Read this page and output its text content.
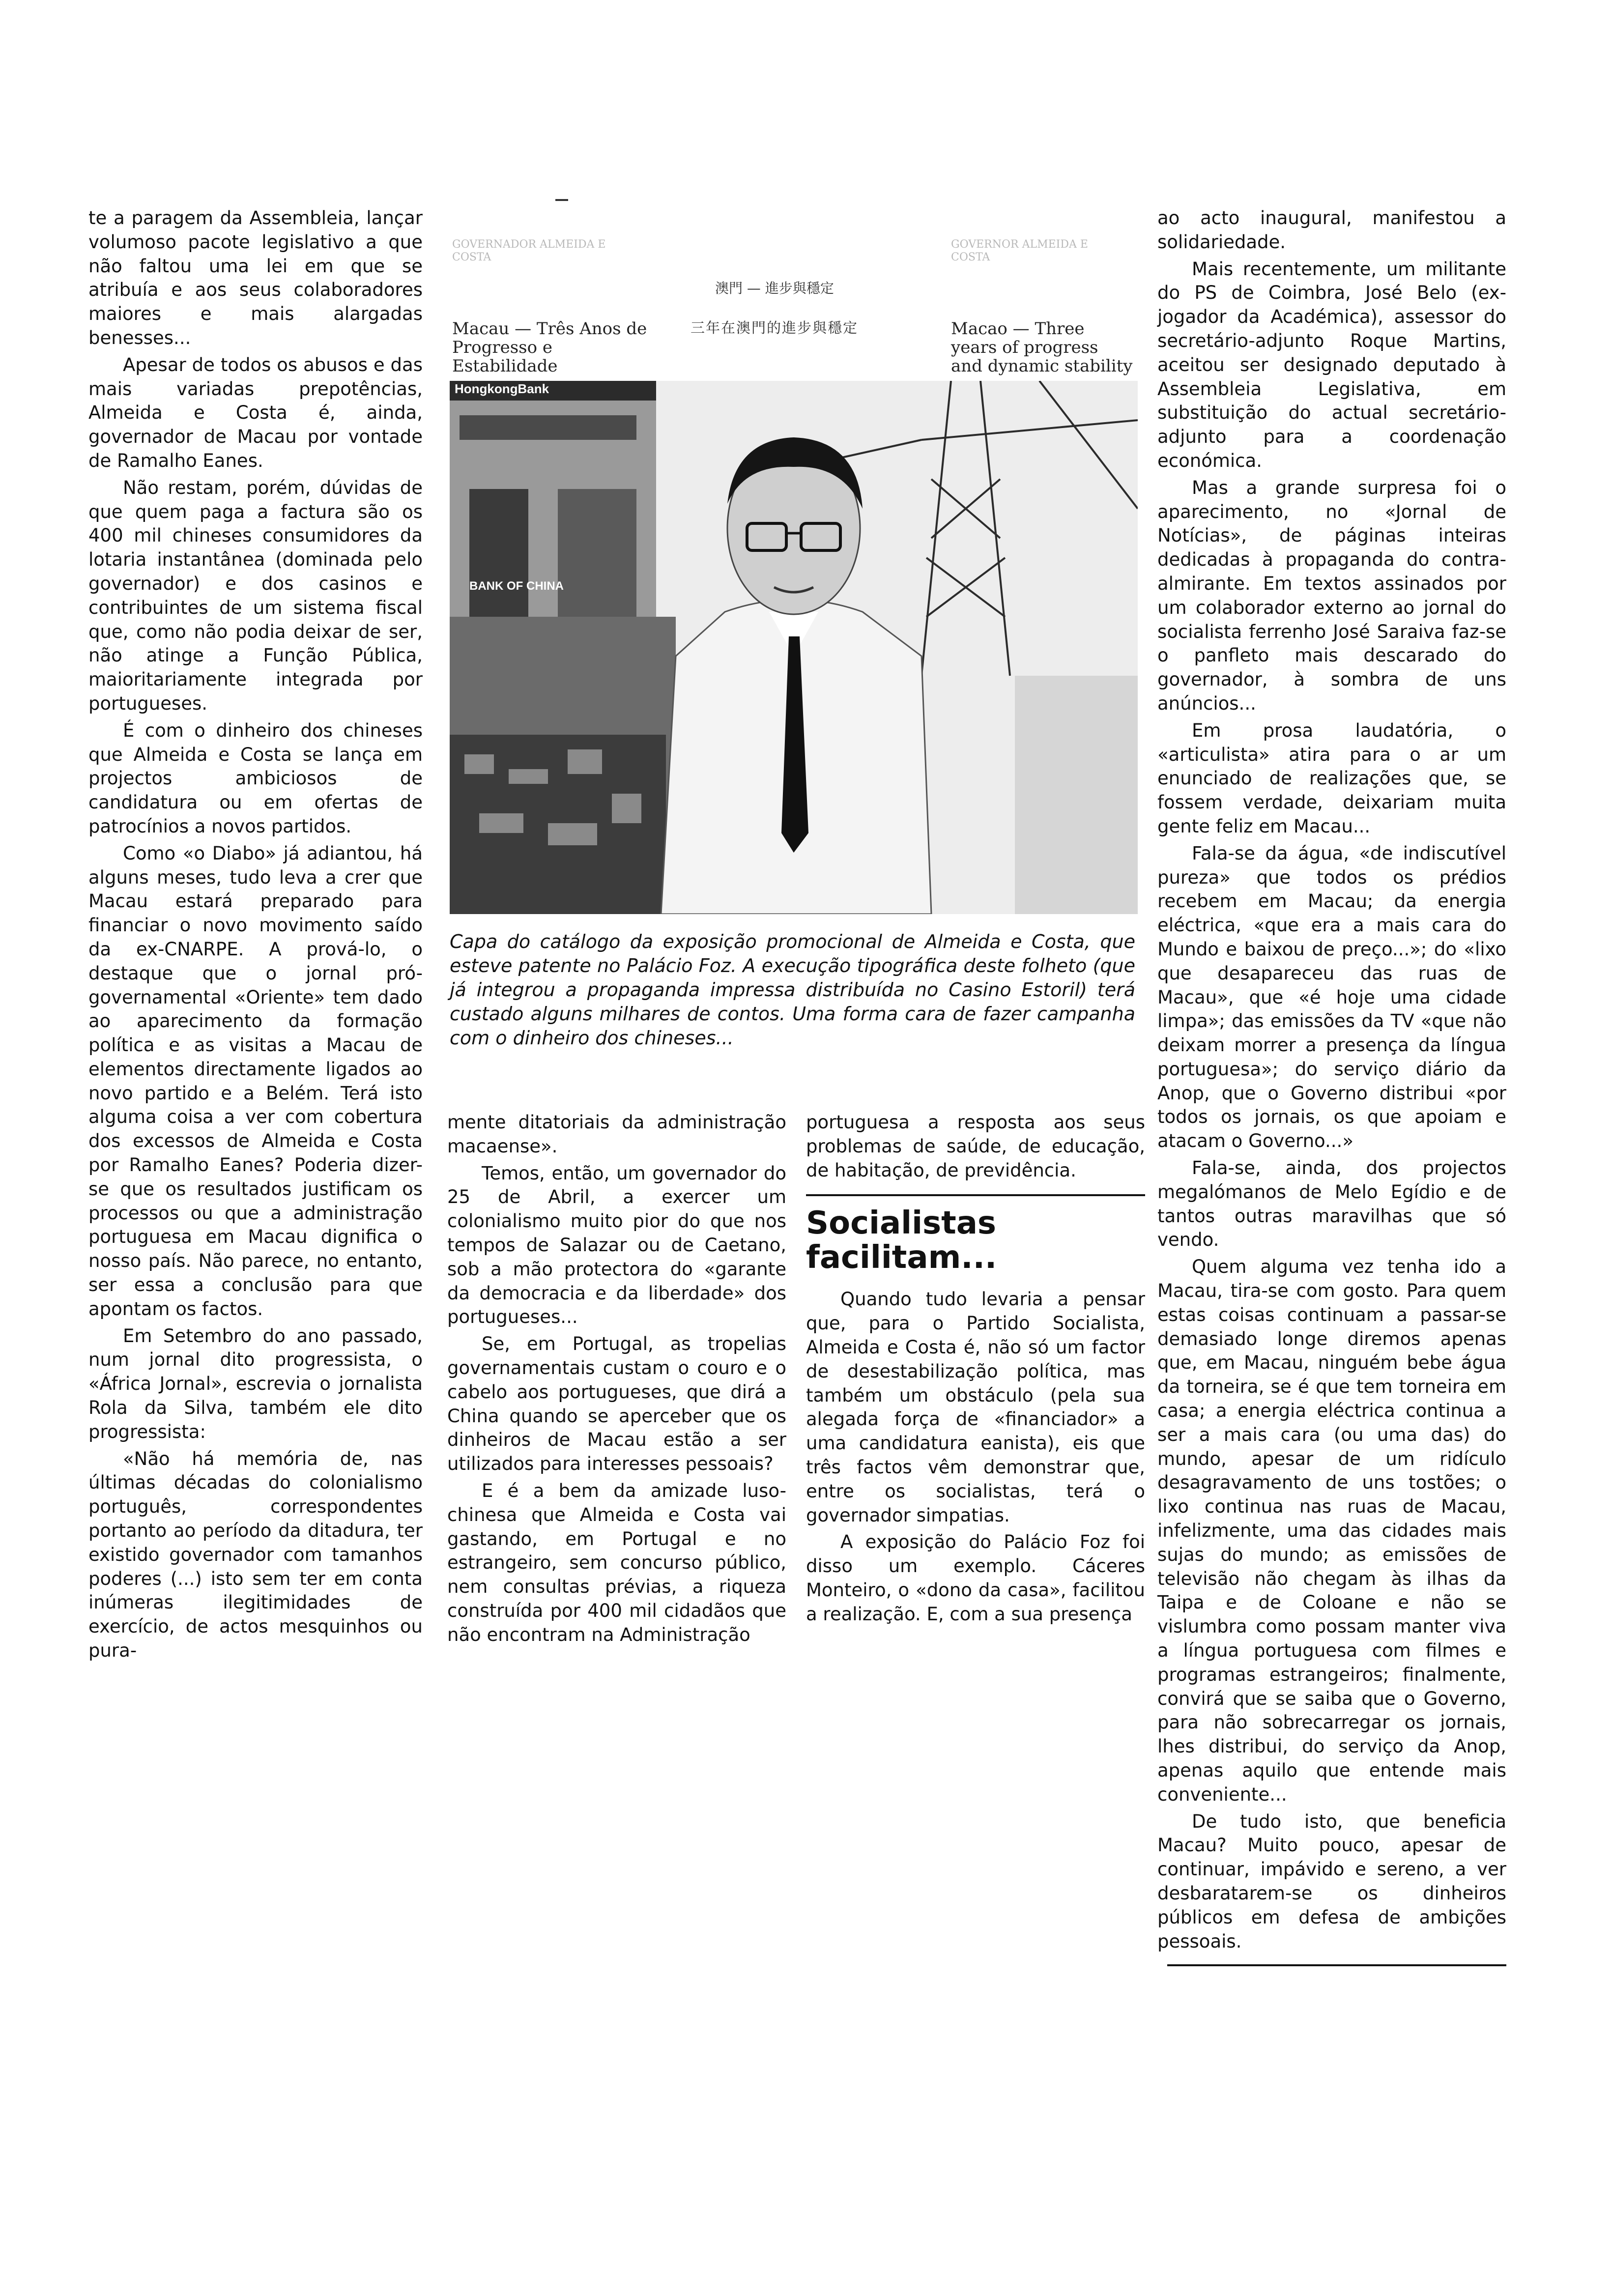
te a paragem da Assembleia, lançar volumoso pacote legislativo a que não faltou uma lei em que se atribuía e aos seus colaboradores maiores e mais alargadas benesses...

Apesar de todos os abusos e das mais variadas prepotências, Almeida e Costa é, ainda, governador de Macau por vontade de Ramalho Eanes.

Não restam, porém, dúvidas de que quem paga a factura são os 400 mil chineses consumidores da lotaria instantânea (dominada pelo governador) e dos casinos e contribuintes de um sistema fiscal que, como não podia deixar de ser, não atinge a Função Pública, maioritariamente integrada por portugueses.

É com o dinheiro dos chineses que Almeida e Costa se lança em projectos ambiciosos de candidatura ou em ofertas de patrocínios a novos partidos.

Como «o Diabo» já adiantou, há alguns meses, tudo leva a crer que Macau estará preparado para financiar o novo movimento saído da ex-CNARPE. A prová-lo, o destaque que o jornal pró-governamental «Oriente» tem dado ao aparecimento da formação política e as visitas a Macau de elementos directamente ligados ao novo partido e a Belém. Terá isto alguma coisa a ver com cobertura dos excessos de Almeida e Costa por Ramalho Eanes? Poderia dizer-se que os resultados justificam os processos ou que a administração portuguesa em Macau dignifica o nosso país. Não parece, no entanto, ser essa a conclusão para que apontam os factos.

Em Setembro do ano passado, num jornal dito progressista, o «África Jornal», escrevia o jornalista Rola da Silva, também ele dito progressista:

«Não há memória de, nas últimas décadas do colonialismo português, correspondentes portanto ao período da ditadura, ter existido governador com tamanhos poderes (...) isto sem ter em conta inúmeras ilegitimidades de exercício, de actos mesquinhos ou pura-

GOVERNADOR ALMEIDA E COSTA
GOVERNOR ALMEIDA E COSTA
Macau — Três Anos de Progresso e Estabilidade
澳門 — 進步與穩定
三年在澳門的進步與穩定	Macao — Three years of progress and dynamic stability
HongkongBank
BANK OF CHINA
Capa do catálogo da exposição promocional de Almeida e Costa, que esteve patente no Palácio Foz. A execução tipográfica deste folheto (que já integrou a propaganda impressa distribuída no Casino Estoril) terá custado alguns milhares de contos. Uma forma cara de fazer campanha com o dinheiro dos chineses...

mente ditatoriais da administração macaense».

Temos, então, um governador do 25 de Abril, a exercer um colonialismo muito pior do que nos tempos de Salazar ou de Caetano, sob a mão protectora do «garante da democracia e da liberdade» dos portugueses...

Se, em Portugal, as tropelias governamentais custam o couro e o cabelo aos portugueses, que dirá a China quando se aperceber que os dinheiros de Macau estão a ser utilizados para interesses pessoais?

E é a bem da amizade luso-chinesa que Almeida e Costa vai gastando, em Portugal e no estrangeiro, sem concurso público, nem consultas prévias, a riqueza construída por 400 mil cidadãos que não encontram na Administração

portuguesa a resposta aos seus problemas de saúde, de educação, de habitação, de previdência.

Socialistas facilitam...

Quando tudo levaria a pensar que, para o Partido Socialista, Almeida e Costa é, não só um factor de desestabilização política, mas também um obstáculo (pela sua alegada força de «financiador» a uma candidatura eanista), eis que três factos vêm demonstrar que, entre os socialistas, terá o governador simpatias.

A exposição do Palácio Foz foi disso um exemplo. Cáceres Monteiro, o «dono da casa», facilitou a realização. E, com a sua presença

ao acto inaugural, manifestou a solidariedade.

Mais recentemente, um militante do PS de Coimbra, José Belo (ex-jogador da Académica), assessor do secretário-adjunto Roque Martins, aceitou ser designado deputado à Assembleia Legislativa, em substituição do actual secretário-adjunto para a coordenação económica.

Mas a grande surpresa foi o aparecimento, no «Jornal de Notícias», de páginas inteiras dedicadas à propaganda do contra-almirante. Em textos assinados por um colaborador externo ao jornal do socialista ferrenho José Saraiva faz-se o panfleto mais descarado do governador, à sombra de uns anúncios...

Em prosa laudatória, o «articulista» atira para o ar um enunciado de realizações que, se fossem verdade, deixariam muita gente feliz em Macau...

Fala-se da água, «de indiscutível pureza» que todos os prédios recebem em Macau; da energia eléctrica, «que era a mais cara do Mundo e baixou de preço...»; do «lixo que desapareceu das ruas de Macau», que «é hoje uma cidade limpa»; das emissões da TV «que não deixam morrer a presença da língua portuguesa»; do serviço diário da Anop, que o Governo distribui «por todos os jornais, os que apoiam e atacam o Governo...»

Fala-se, ainda, dos projectos megalómanos de Melo Egídio e de tantos outras maravilhas que só vendo.

Quem alguma vez tenha ido a Macau, tira-se com gosto. Para quem estas coisas continuam a passar-se demasiado longe diremos apenas que, em Macau, ninguém bebe água da torneira, se é que tem torneira em casa; a energia eléctrica continua a ser a mais cara (ou uma das) do mundo, apesar de um ridículo desagravamento de uns tostões; o lixo continua nas ruas de Macau, infelizmente, uma das cidades mais sujas do mundo; as emissões de televisão não chegam às ilhas da Taipa e de Coloane e não se vislumbra como possam manter viva a língua portuguesa com filmes e programas estrangeiros; finalmente, convirá que se saiba que o Governo, para não sobrecarregar os jornais, lhes distribui, do serviço da Anop, apenas aquilo que entende mais conveniente...

De tudo isto, que beneficia Macau? Muito pouco, apesar de continuar, impávido e sereno, a ver desbaratarem-se os dinheiros públicos em defesa de ambições pessoais.
